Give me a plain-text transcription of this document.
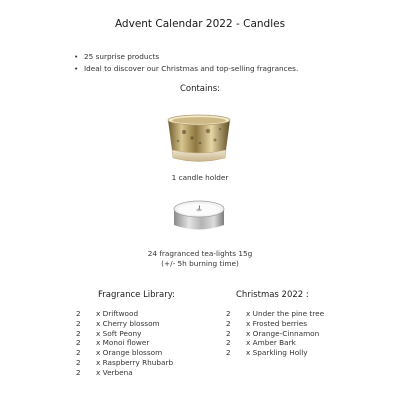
Advent Calendar 2022 - Candles
• 25 surprise products
• Ideal to discover our Christmas and top-selling fragrances.
Contains:
1 candle holder
24 fragranced tea-lights 15g
(+/- 5h burning time)
Fragrance Library:	Christmas 2022 :
2 x Driftwood
2 x Cherry blossom
2 x Soft Peony
2 x Monoi flower
2 x Orange blossom
2 x Raspberry Rhubarb
2 x Verbena
2 x Under the pine tree
2 x Frosted berries
2 x Orange-Cinnamon
2 x Amber Bark
2 x Sparkling Holly
